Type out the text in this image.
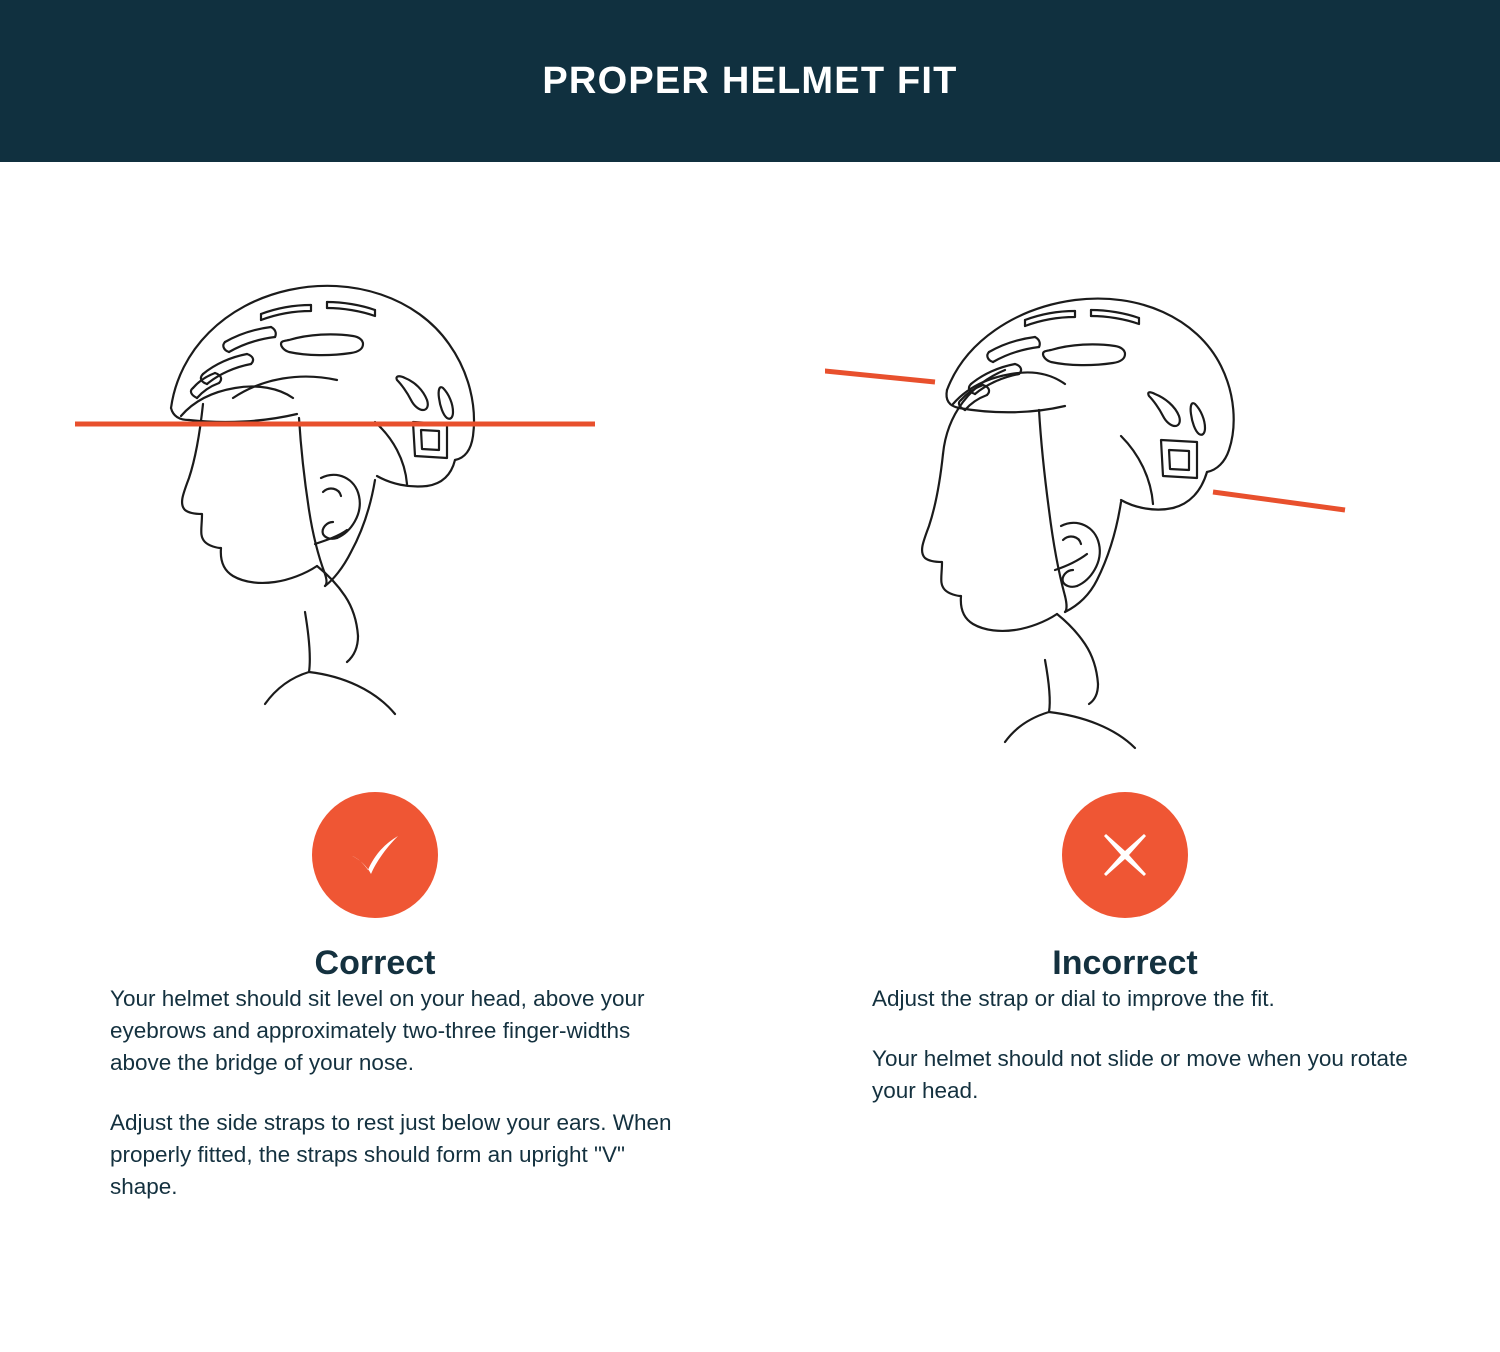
PROPER HELMET FIT
Correct

Your helmet should sit level on your head, above your eyebrows and approximately two-three finger-widths above the bridge of your nose.

Adjust the side straps to rest just below your ears. When properly fitted, the straps should form an upright "V" shape.

Incorrect

Adjust the strap or dial to improve the fit.

Your helmet should not slide or move when you rotate your head.
